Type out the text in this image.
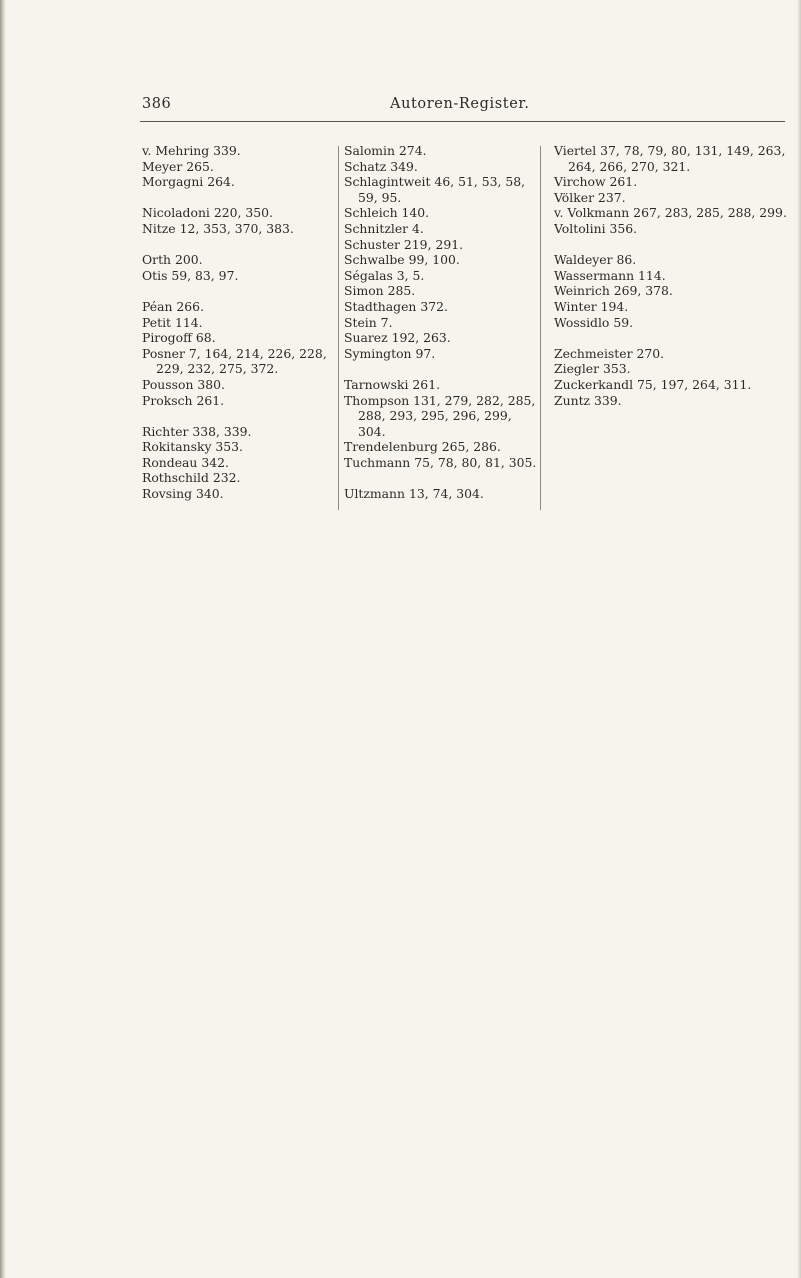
386	Autoren-Register.
v. Mehring 339.
Meyer 265.
Morgagni 264.
Nicoladoni 220, 350.
Nitze 12, 353, 370, 383.
Orth 200.
Otis 59, 83, 97.
Péan 266.
Petit 114.
Pirogoff 68.
Posner 7, 164, 214, 226, 228, 229, 232, 275, 372.
Pousson 380.
Proksch 261.
Richter 338, 339.
Rokitansky 353.
Rondeau 342.
Rothschild 232.
Rovsing 340.
Salomin 274.
Schatz 349.
Schlagintweit 46, 51, 53, 58, 59, 95.
Schleich 140.
Schnitzler 4.
Schuster 219, 291.
Schwalbe 99, 100.
Ségalas 3, 5.
Simon 285.
Stadthagen 372.
Stein 7.
Suarez 192, 263.
Symington 97.
Tarnowski 261.
Thompson 131, 279, 282, 285, 288, 293, 295, 296, 299, 304.
Trendelenburg 265, 286.
Tuchmann 75, 78, 80, 81, 305.
Ultzmann 13, 74, 304.
Viertel 37, 78, 79, 80, 131, 149, 263, 264, 266, 270, 321.
Virchow 261.
Völker 237.
v. Volkmann 267, 283, 285, 288, 299.
Voltolini 356.
Waldeyer 86.
Wassermann 114.
Weinrich 269, 378.
Winter 194.
Wossidlo 59.
Zechmeister 270.
Ziegler 353.
Zuckerkandl 75, 197, 264, 311.
Zuntz 339.
